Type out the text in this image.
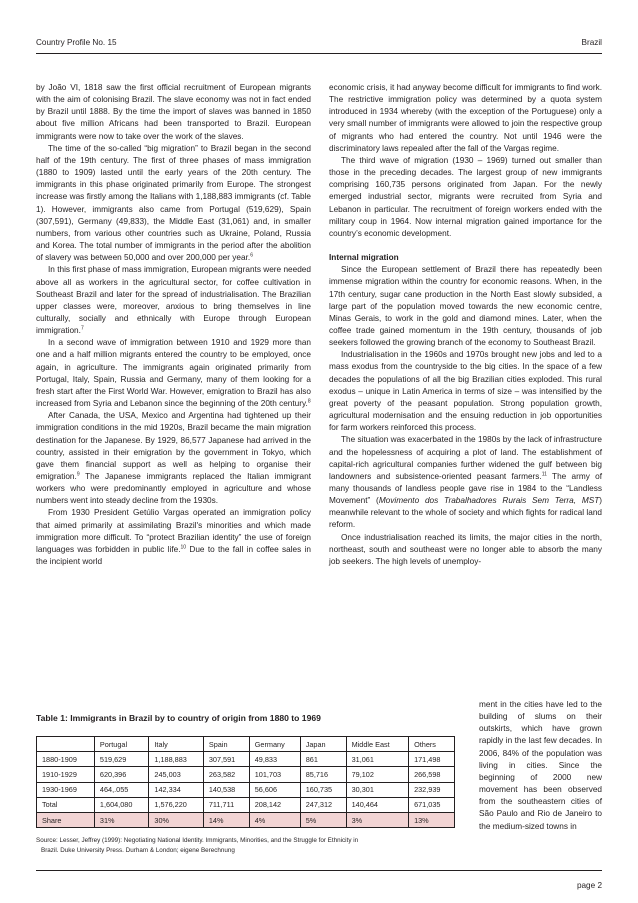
Country Profile No. 15	Brazil

by João VI, 1818 saw the first official recruitment of European migrants with the aim of colonising Brazil. The slave economy was not in fact ended by Brazil until 1888. By the time the import of slaves was banned in 1850 about five million Africans had been transported to Brazil. European immigrants were now to take over the work of the slaves.

The time of the so-called “big migration” to Brazil began in the second half of the 19th century. The first of three phases of mass immigration (1880 to 1909) lasted until the early years of the 20th century. The immigrants in this phase originated primarily from Europe. The strongest increase was firstly among the Italians with 1,188,883 immigrants (cf. Table 1). However, immigrants also came from Portugal (519,629), Spain (307,591), Germany (49,833), the Middle East (31,061) and, in smaller numbers, from various other countries such as Ukraine, Poland, Russia and Korea. The total number of immigrants in the period after the abolition of slavery was between 50,000 and over 200,000 per year.$^6$

In this first phase of mass immigration, European migrants were needed above all as workers in the agricultural sector, for coffee cultivation in Southeast Brazil and later for the spread of industrialisation. The Brazilian upper classes were, moreover, anxious to bring themselves in line culturally, socially and ethnically with Europe through European immigration.$^7$

In a second wave of immigration between 1910 and 1929 more than one and a half million migrants entered the country to be employed, once again, in agriculture. The immigrants again originated primarily from Portugal, Italy, Spain, Russia and Germany, many of them looking for a fresh start after the First World War. However, emigration to Brazil has also increased from Syria and Lebanon since the beginning of the 20th century.$^8$

After Canada, the USA, Mexico and Argentina had tightened up their immigration conditions in the mid 1920s, Brazil became the main migration destination for the Japanese. By 1929, 86,577 Japanese had arrived in the country, assisted in their emigration by the government in Tokyo, which gave them financial support as well as helping to organise their emigration.$^9$ The Japanese immigrants replaced the Italian immigrant workers who were predominantly employed in agriculture and whose numbers went into steady decline from the 1930s.

From 1930 President Getúlio Vargas operated an immigration policy that aimed primarily at assimilating Brazil's minorities and which made immigration more difficult. To “protect Brazilian identity” the use of foreign languages was forbidden in public life.$^{10}$ Due to the fall in coffee sales in the incipient world

economic crisis, it had anyway become difficult for immigrants to find work. The restrictive immigration policy was determined by a quota system introduced in 1934 whereby (with the exception of the Portuguese) only a very small number of immigrants were allowed to join the respective group of migrants who had entered the country. Not until 1946 were the discriminatory laws repealed after the fall of the Vargas regime.

The third wave of migration (1930 – 1969) turned out smaller than those in the preceding decades. The largest group of new immigrants comprising 160,735 persons originated from Japan. For the newly emerged industrial sector, migrants were recruited from Syria and Lebanon in particular. The recruitment of foreign workers ended with the military coup in 1964. Now internal migration gained importance for the country’s economic development.

Internal migration

Since the European settlement of Brazil there has repeatedly been immense migration within the country for economic reasons. When, in the 17th century, sugar cane production in the North East slowly subsided, a large part of the population moved towards the new economic centre, Minas Gerais, to work in the gold and diamond mines. Later, when the coffee trade gained momentum in the 19th century, thousands of job seekers followed the growing branch of the economy to Southeast Brazil.

Industrialisation in the 1960s and 1970s brought new jobs and led to a mass exodus from the countryside to the big cities. In the space of a few decades the populations of all the big Brazilian cities exploded. This rural exodus – unique in Latin America in terms of size – was intensified by the great poverty of the peasant population. Strong population growth, agricultural modernisation and the ensuing reduction in job opportunities for farm workers reinforced this process.

The situation was exacerbated in the 1980s by the lack of infrastructure and the hopelessness of acquiring a plot of land. The establishment of capital-rich agricultural companies further widened the gulf between big landowners and subsistence-oriented peasant farmers.$^{11}$ The army of many thousands of landless people gave rise in 1984 to the “Landless Movement” (Movimento dos Trabalhadores Rurais Sem Terra, MST) meanwhile relevant to the whole of society and which fights for radical land reform.

Once industrialisation reached its limits, the major cities in the north, northeast, south and southeast were no longer able to absorb the many job seekers. The high levels of unemploy-

ment in the cities have led to the building of slums on their outskirts, which have grown rapidly in the last few decades. In 2006, 84% of the population was living in cities. Since the beginning of 2000 new movement has been observed from the southeastern cities of São Paulo and Rio de Janeiro to the medium-sized towns in

Table 1: Immigrants in Brazil by to country of origin from 1880 to 1969
	Portugal	Italy	Spain	Germany	Japan	Middle East	Others
1880-1909	519,629	1,188,883	307,591	49,833	861	31,061	171,498
1910-1929	620,396	245,003	263,582	101,703	85,716	79,102	266,598
1930-1969	464,.055	142,334	140,538	56,606	160,735	30,301	232,939
Total	1,604,080	1,576,220	711,711	208,142	247,312	140,464	671,035
Share	31%	30%	14%	4%	5%	3%	13%
Source: Lesser, Jeffrey (1999): Negotiating National Identity. Immigrants, Minorities, and the Struggle for Ethnicity in
Brazil. Duke University Press. Durham & London; eigene Berechnung
page 2
